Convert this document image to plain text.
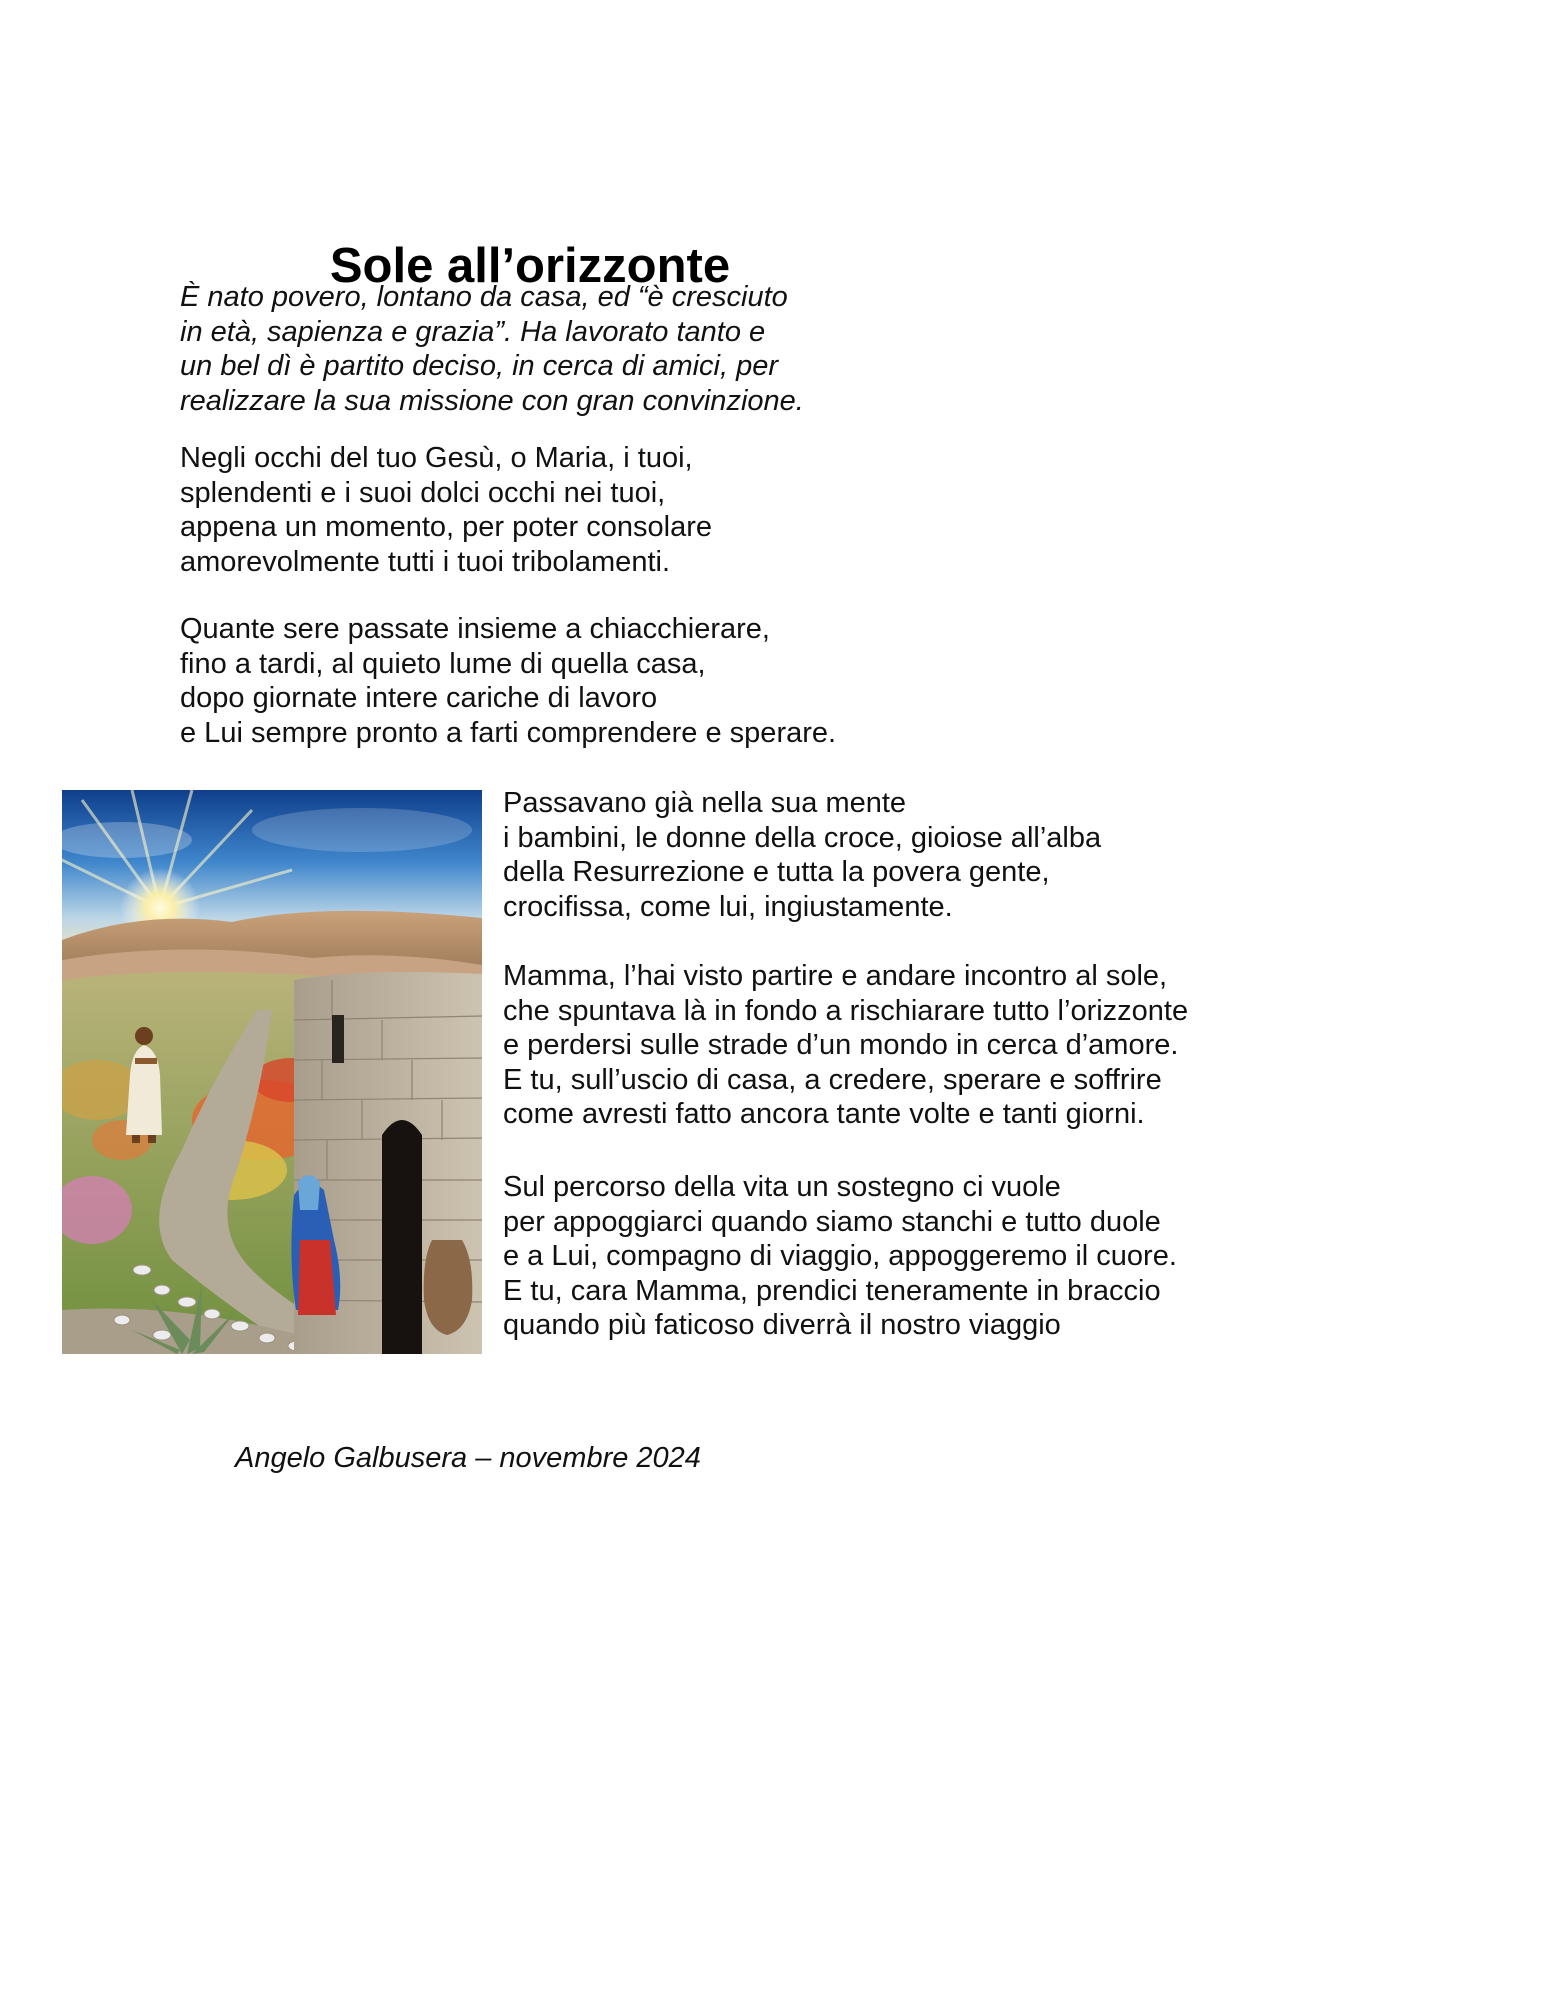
Sole all’orizzonte

È nato povero, lontano da casa, ed “è cresciuto
in età, sapienza e grazia”. Ha lavorato tanto e
un bel dì è partito deciso, in cerca di amici, per
realizzare la sua missione con gran convinzione.

Negli occhi del tuo Gesù, o Maria, i tuoi,
splendenti e i suoi dolci occhi nei tuoi,
appena un momento, per poter consolare
amorevolmente tutti i tuoi tribolamenti.

Quante sere passate insieme a chiacchierare,
fino a tardi, al quieto lume di quella casa,
dopo giornate intere cariche di lavoro
e Lui sempre pronto a farti comprendere e sperare.

Passavano già nella sua mente
i bambini, le donne della croce, gioiose all’alba
della Resurrezione e tutta la povera gente,
crocifissa, come lui, ingiustamente.

Mamma, l’hai visto partire e andare incontro al sole,
che spuntava là in fondo a rischiarare tutto l’orizzonte
e perdersi sulle strade d’un mondo in cerca d’amore.
E tu, sull’uscio di casa, a credere, sperare e soffrire
come avresti fatto ancora tante volte e tanti giorni.

Sul percorso della vita un sostegno ci vuole
per appoggiarci quando siamo stanchi e tutto duole
e a Lui, compagno di viaggio, appoggeremo il cuore.
E tu, cara Mamma, prendici teneramente in braccio
quando più faticoso diverrà il nostro viaggio

Angelo Galbusera – novembre 2024
